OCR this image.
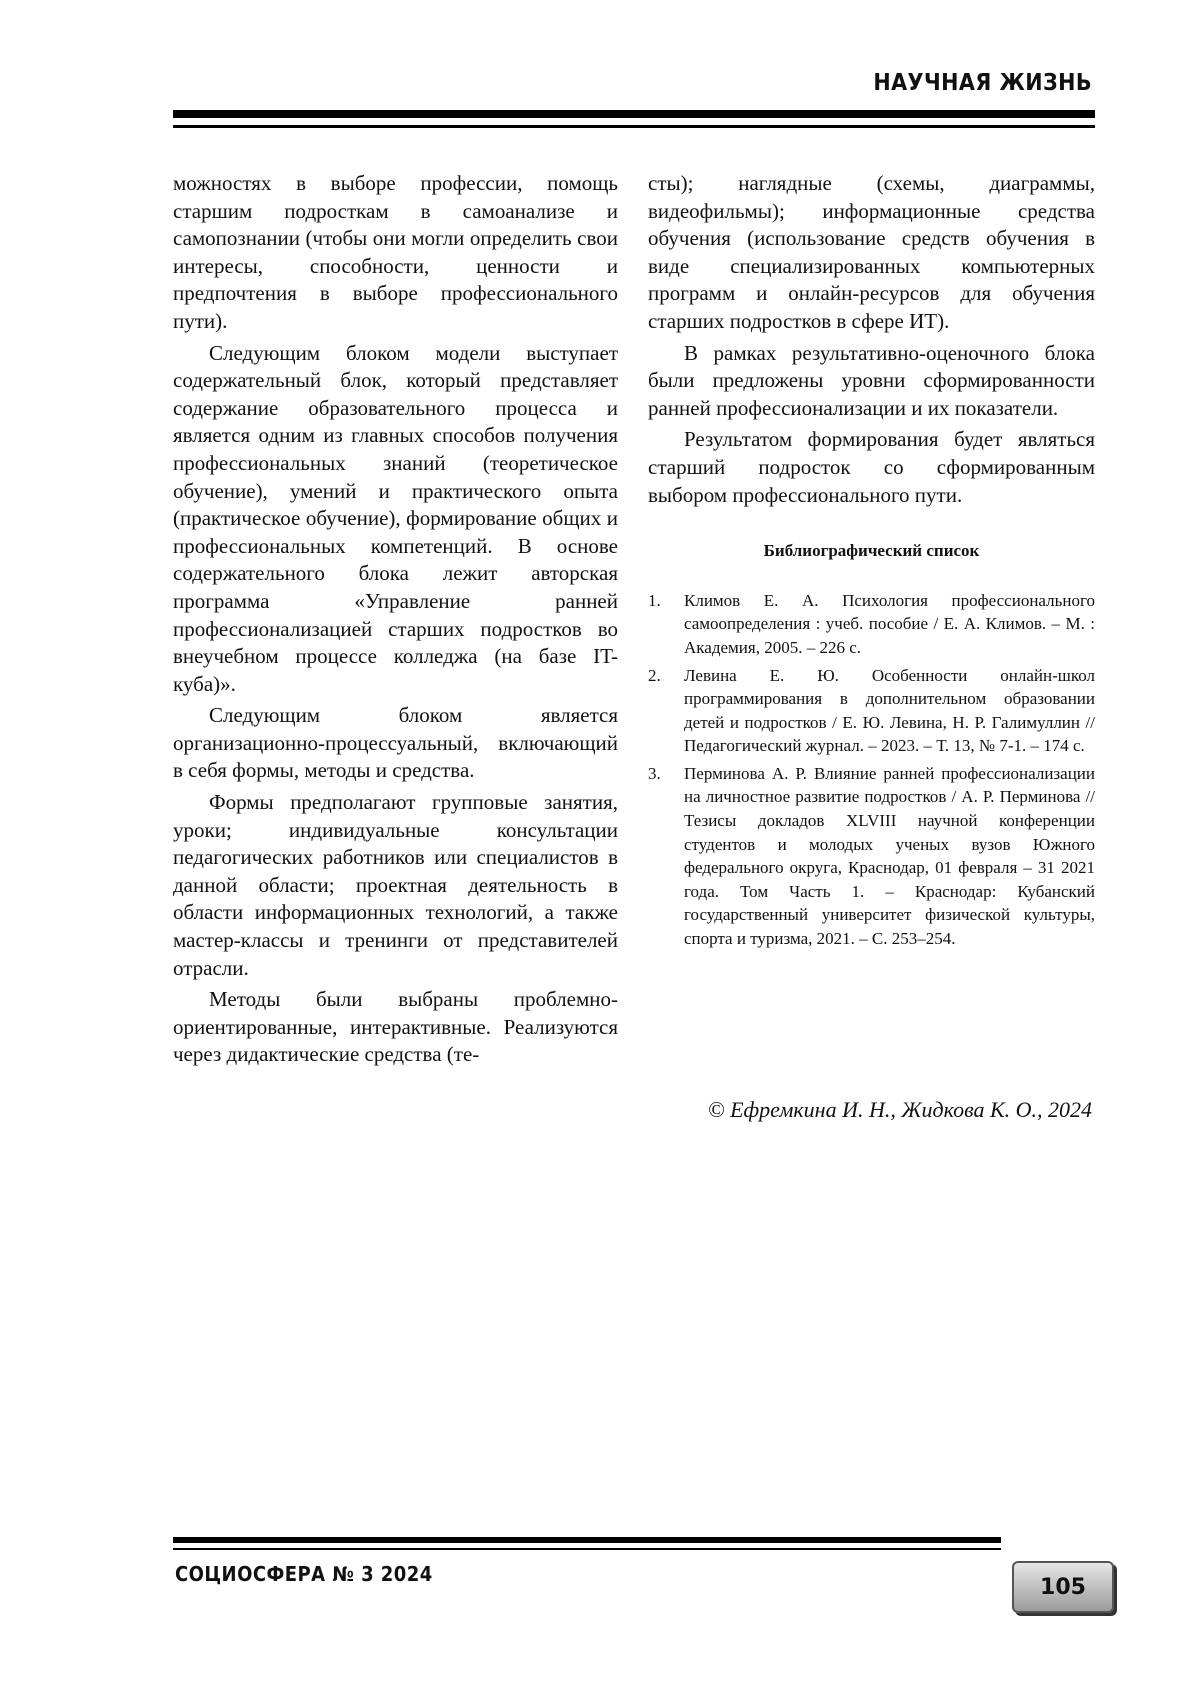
НАУЧНАЯ ЖИЗНЬ

можностях в выборе профессии, помощь старшим подросткам в самоанализе и самопознании (чтобы они могли определить свои интересы, способности, ценности и предпочтения в выборе профессионального пути).

Следующим блоком модели выступает содержательный блок, который представляет содержание образовательного процесса и является одним из главных способов получения профессиональных знаний (теоретическое обучение), умений и практического опыта (практическое обучение), формирование общих и профессиональных компетенций. В основе содержательного блока лежит авторская программа «Управление ранней профессионализацией старших подростков во внеучебном процессе колледжа (на базе IT-куба)».

Следующим блоком является организационно-процессуальный, включающий в себя формы, методы и средства.

Формы предполагают групповые занятия, уроки; индивидуальные консультации педагогических работников или специалистов в данной области; проектная деятельность в области информационных технологий, а также мастер-классы и тренинги от представителей отрасли.

Методы были выбраны проблемно-ориентированные, интерактивные. Реализуются через дидактические средства (те-

сты); наглядные (схемы, диаграммы, видеофильмы); информационные средства обучения (использование средств обучения в виде специализированных компьютерных программ и онлайн-ресурсов для обучения старших подростков в сфере ИТ).

В рамках результативно-оценочного блока были предложены уровни сформированности ранней профессионализации и их показатели.

Результатом формирования будет являться старший подросток со сформированным выбором профессионального пути.

Библиографический список

1. Климов Е. А. Психология профессионального самоопределения : учеб. пособие / Е. А. Климов. – М. : Академия, 2005. – 226 с.
2. Левина Е. Ю. Особенности онлайн-школ программирования в дополнительном образовании детей и подростков / Е. Ю. Левина, Н. Р. Галимуллин // Педагогический журнал. – 2023. – Т. 13, № 7-1. – 174 с.
3. Перминова А. Р. Влияние ранней профессионализации на личностное развитие подростков / А. Р. Перминова // Тезисы докладов XLVIII научной конференции студентов и молодых ученых вузов Южного федерального округа, Краснодар, 01 февраля – 31 2021 года. Том Часть 1. – Краснодар: Кубанский государственный университет физической культуры, спорта и туризма, 2021. – С. 253–254.
© Ефремкина И. Н., Жидкова К. О., 2024
СОЦИОСФЕРА № 3 2024
105
